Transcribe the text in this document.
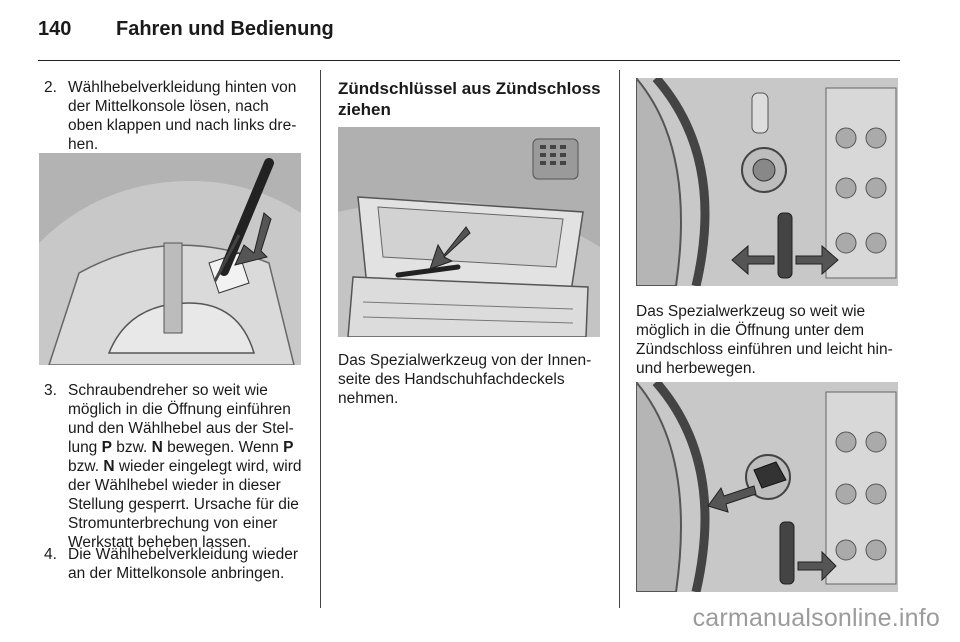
140 Fahren und Bedienung
2. Wählhebelverkleidung hinten von der Mittelkonsole lösen, nach oben klappen und nach links dre- hen.
3. Schraubendreher so weit wie möglich in die Öffnung einführen und den Wählhebel aus der Stel- lung P bzw. N bewegen. Wenn P
bzw. N wieder eingelegt wird, wird der Wählhebel wieder in dieser Stellung gesperrt. Ursache für die Stromunterbrechung von einer Werkstatt beheben lassen.
4. Die Wählhebelverkleidung wieder an der Mittelkonsole anbringen.
Zündschlüssel aus Zündschloss ziehen
Das Spezialwerkzeug von der Innen- seite des Handschuhfachdeckels nehmen.
Das Spezialwerkzeug so weit wie möglich in die Öffnung unter dem Zündschloss einführen und leicht hin- und herbewegen.
carmanualsonline.info
